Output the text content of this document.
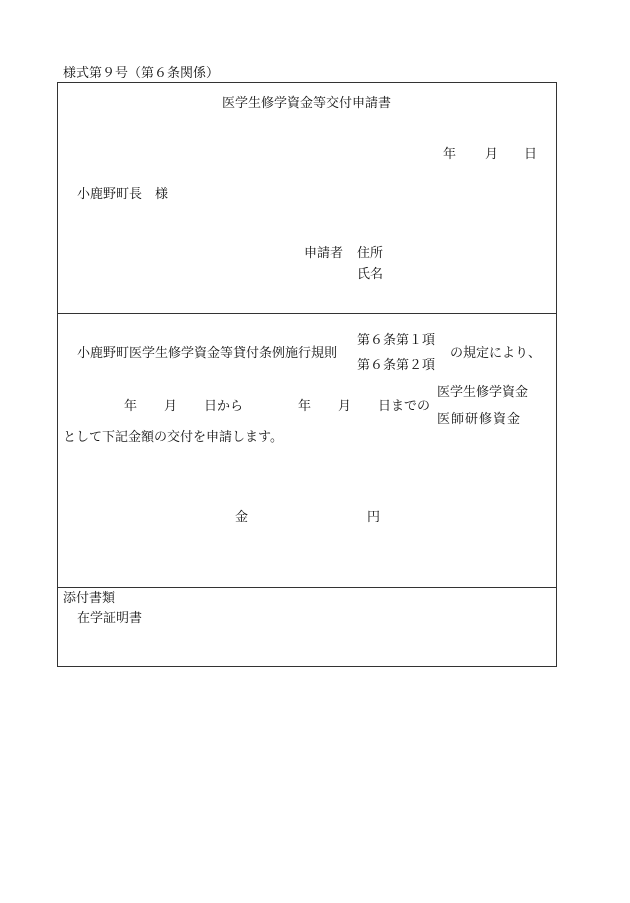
様式第９号（第６条関係）
医学生修学資金等交付申請書
年 月 日
小鹿野町長　様
申請者 住所
氏名
小鹿野町医学生修学資金等貸付条例施行規則
第６条第１項
第６条第２項
の規定により、
年 月 日から	年 月 日までの
医学生修学資金
医師研修資金
として下記金額の交付を申請します。
金	円
添付書類
在学証明書
